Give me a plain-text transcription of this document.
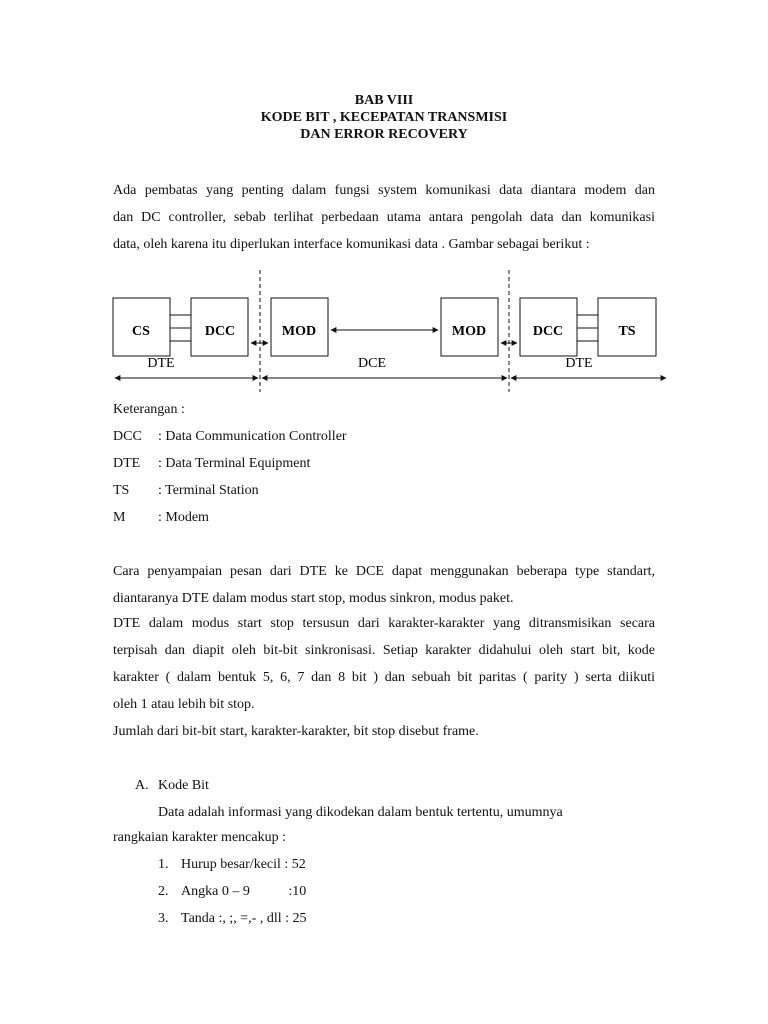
BAB VIII
KODE BIT , KECEPATAN TRANSMISI
DAN ERROR RECOVERY
Ada pembatas yang penting dalam fungsi system komunikasi data diantara modem dan
dan DC controller, sebab terlihat perbedaan utama antara pengolah data dan komunikasi
data, oleh karena itu diperlukan interface komunikasi data . Gambar sebagai berikut :
CS	DCC	MOD	MOD	DCC	TS
DTE	DCE	DTE
Keterangan :
DCC : Data Communication Controller
DTE : Data Terminal Equipment
TS : Terminal Station
M : Modem
Cara penyampaian pesan dari DTE ke DCE dapat menggunakan beberapa type standart,
diantaranya DTE dalam modus start stop, modus sinkron, modus paket.
DTE dalam modus start stop tersusun dari karakter-karakter yang ditransmisikan secara
terpisah dan diapit oleh bit-bit sinkronisasi. Setiap karakter didahului oleh start bit, kode
karakter ( dalam bentuk 5, 6, 7 dan 8 bit ) dan sebuah bit paritas ( parity ) serta diikuti
oleh 1 atau lebih bit stop.
Jumlah dari bit-bit start, karakter-karakter, bit stop disebut frame.
A. Kode Bit
Data adalah informasi yang dikodekan dalam bentuk tertentu, umumnya
rangkaian karakter mencakup :
1. Hurup besar/kecil : 52
2. Angka 0 – 9           :10
3. Tanda :, ;, =,- , dll : 25
